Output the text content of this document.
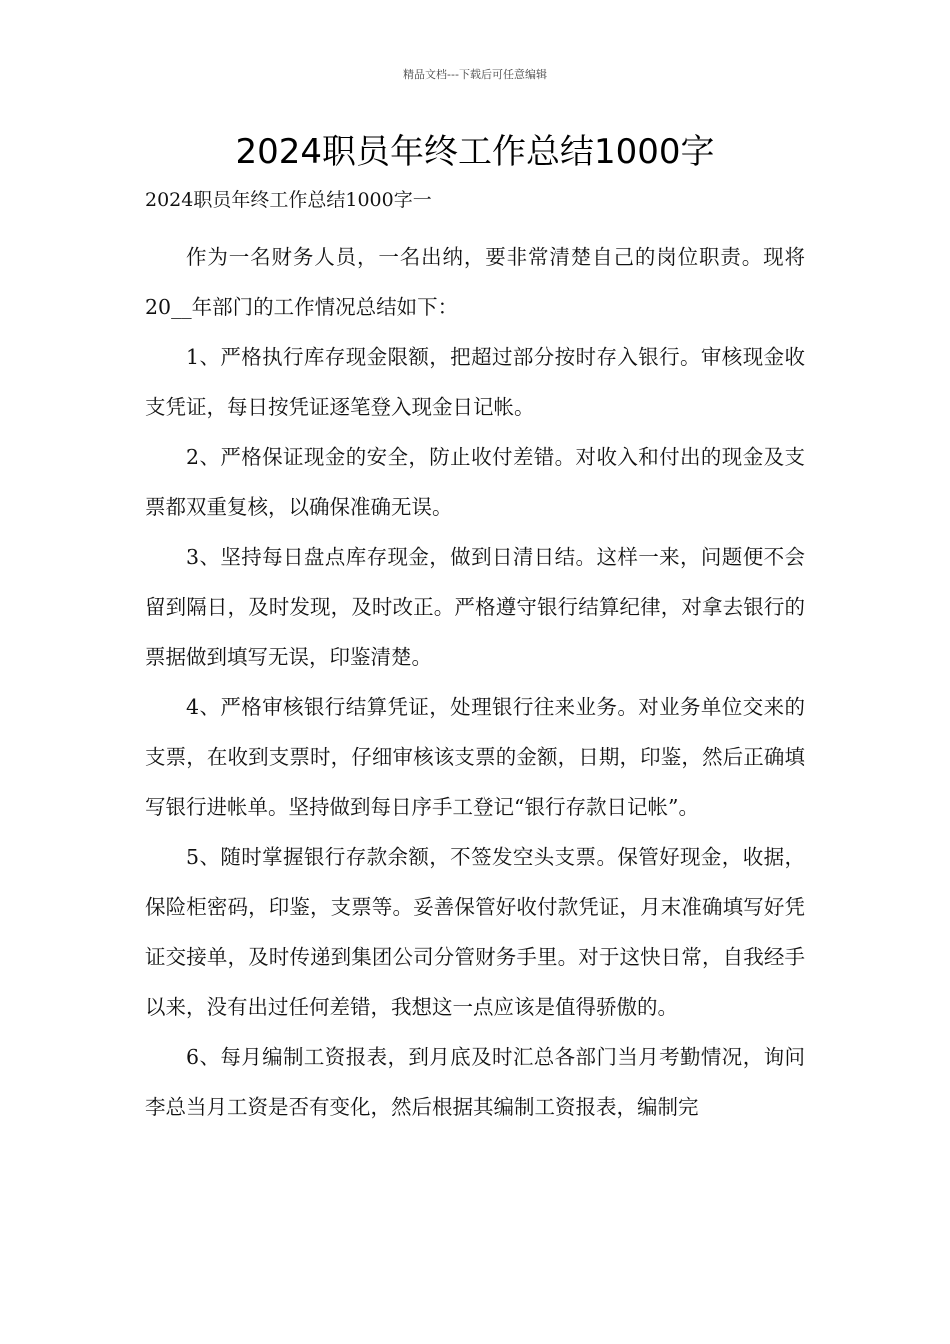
精品文档---下载后可任意编辑
2024职员年终工作总结1000字

2024职员年终工作总结1000字一

作为一名财务人员，一名出纳，要非常清楚自己的岗位职责。现将20__年部门的工作情况总结如下：

1、严格执行库存现金限额，把超过部分按时存入银行。审核现金收支凭证，每日按凭证逐笔登入现金日记帐。

2、严格保证现金的安全，防止收付差错。对收入和付出的现金及支票都双重复核，以确保准确无误。

3、坚持每日盘点库存现金，做到日清日结。这样一来，问题便不会留到隔日，及时发现，及时改正。严格遵守银行结算纪律，对拿去银行的票据做到填写无误，印鉴清楚。

4、严格审核银行结算凭证，处理银行往来业务。对业务单位交来的支票，在收到支票时，仔细审核该支票的金额，日期，印鉴，然后正确填写银行进帐单。坚持做到每日序手工登记“银行存款日记帐”。

5、随时掌握银行存款余额，不签发空头支票。保管好现金，收据，保险柜密码，印鉴，支票等。妥善保管好收付款凭证，月末准确填写好凭证交接单，及时传递到集团公司分管财务手里。对于这快日常，自我经手以来，没有出过任何差错，我想这一点应该是值得骄傲的。

6、每月编制工资报表，到月底及时汇总各部门当月考勤情况，询问李总当月工资是否有变化，然后根据其编制工资报表，编制完
